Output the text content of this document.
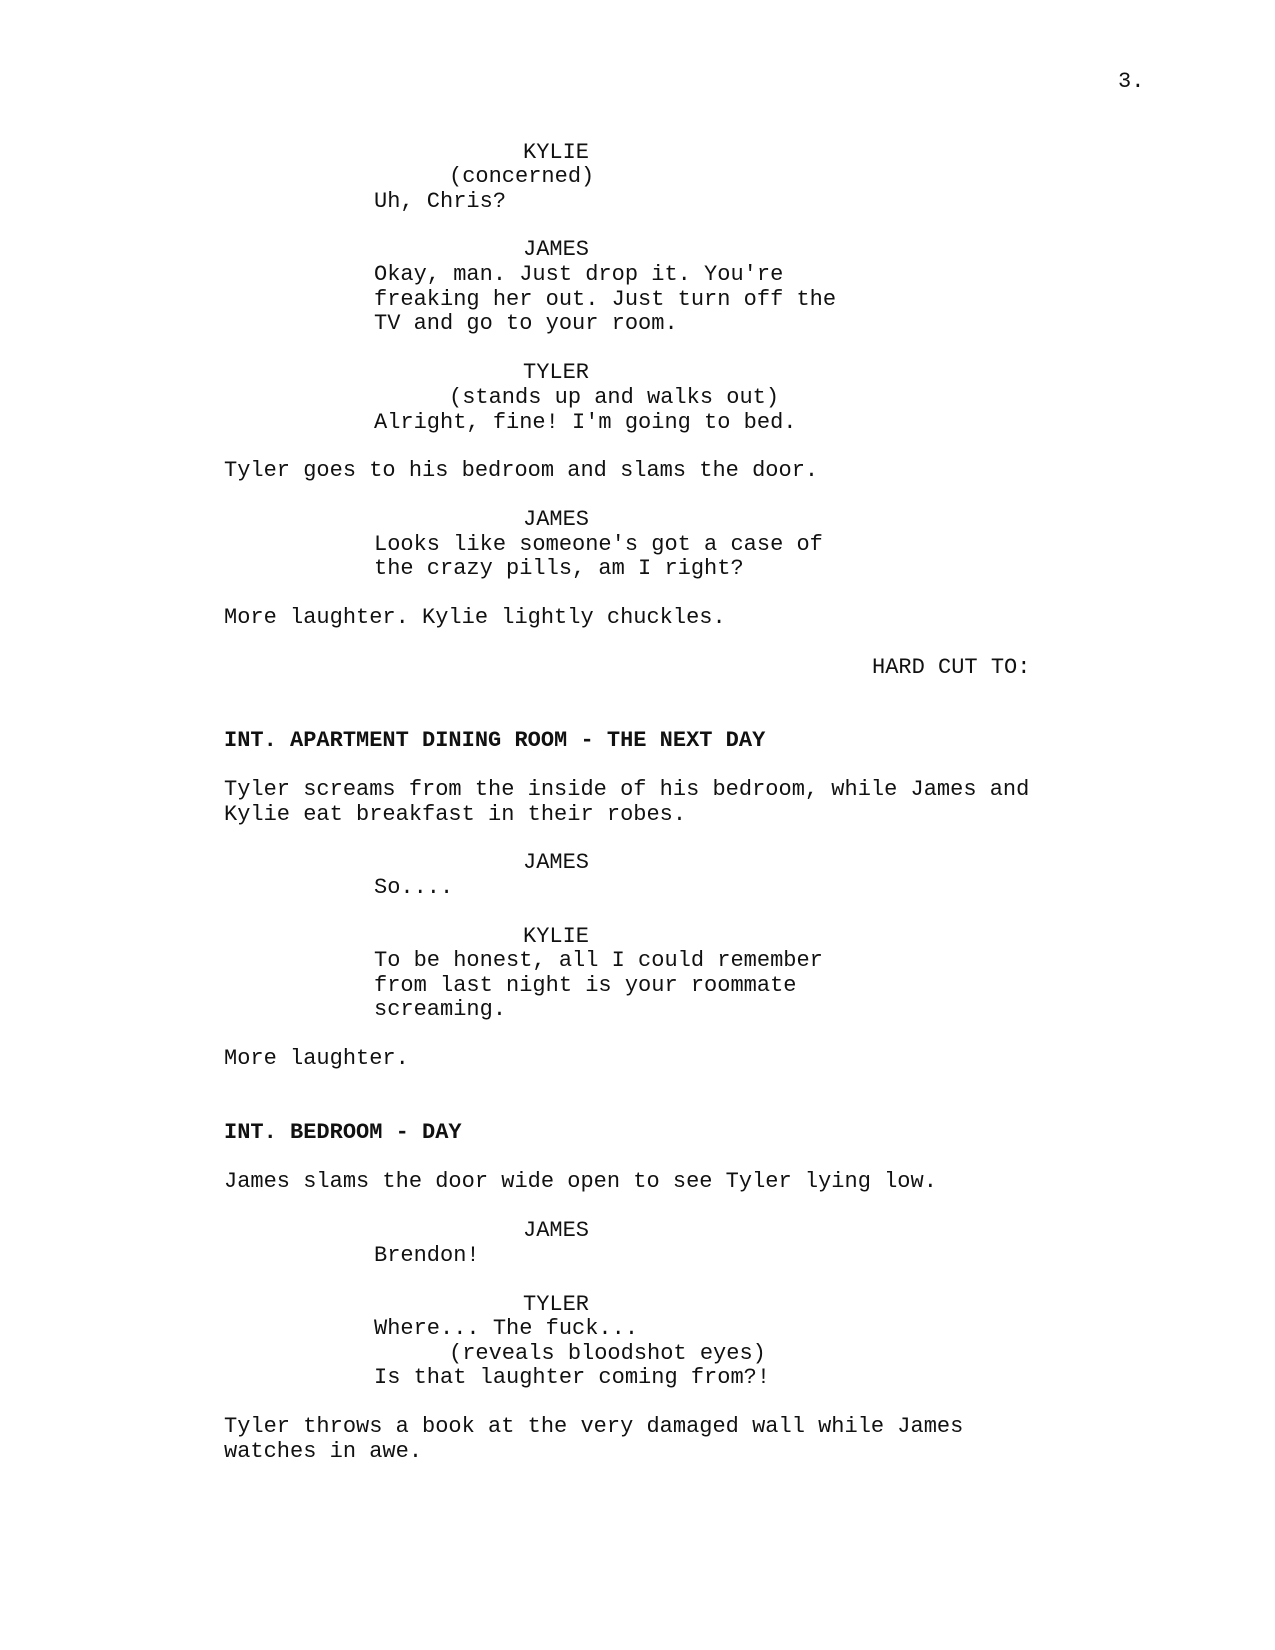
3.
KYLIE
(concerned)
Uh, Chris?
JAMES
Okay, man. Just drop it. You're
freaking her out. Just turn off the
TV and go to your room.
TYLER
(stands up and walks out)
Alright, fine! I'm going to bed.
Tyler goes to his bedroom and slams the door.
JAMES
Looks like someone's got a case of
the crazy pills, am I right?
More laughter. Kylie lightly chuckles.
HARD CUT TO:
INT. APARTMENT DINING ROOM - THE NEXT DAY
Tyler screams from the inside of his bedroom, while James and
Kylie eat breakfast in their robes.
JAMES
So....
KYLIE
To be honest, all I could remember
from last night is your roommate
screaming.
More laughter.
INT. BEDROOM - DAY
James slams the door wide open to see Tyler lying low.
JAMES
Brendon!
TYLER
Where... The fuck...
(reveals bloodshot eyes)
Is that laughter coming from?!
Tyler throws a book at the very damaged wall while James
watches in awe.
